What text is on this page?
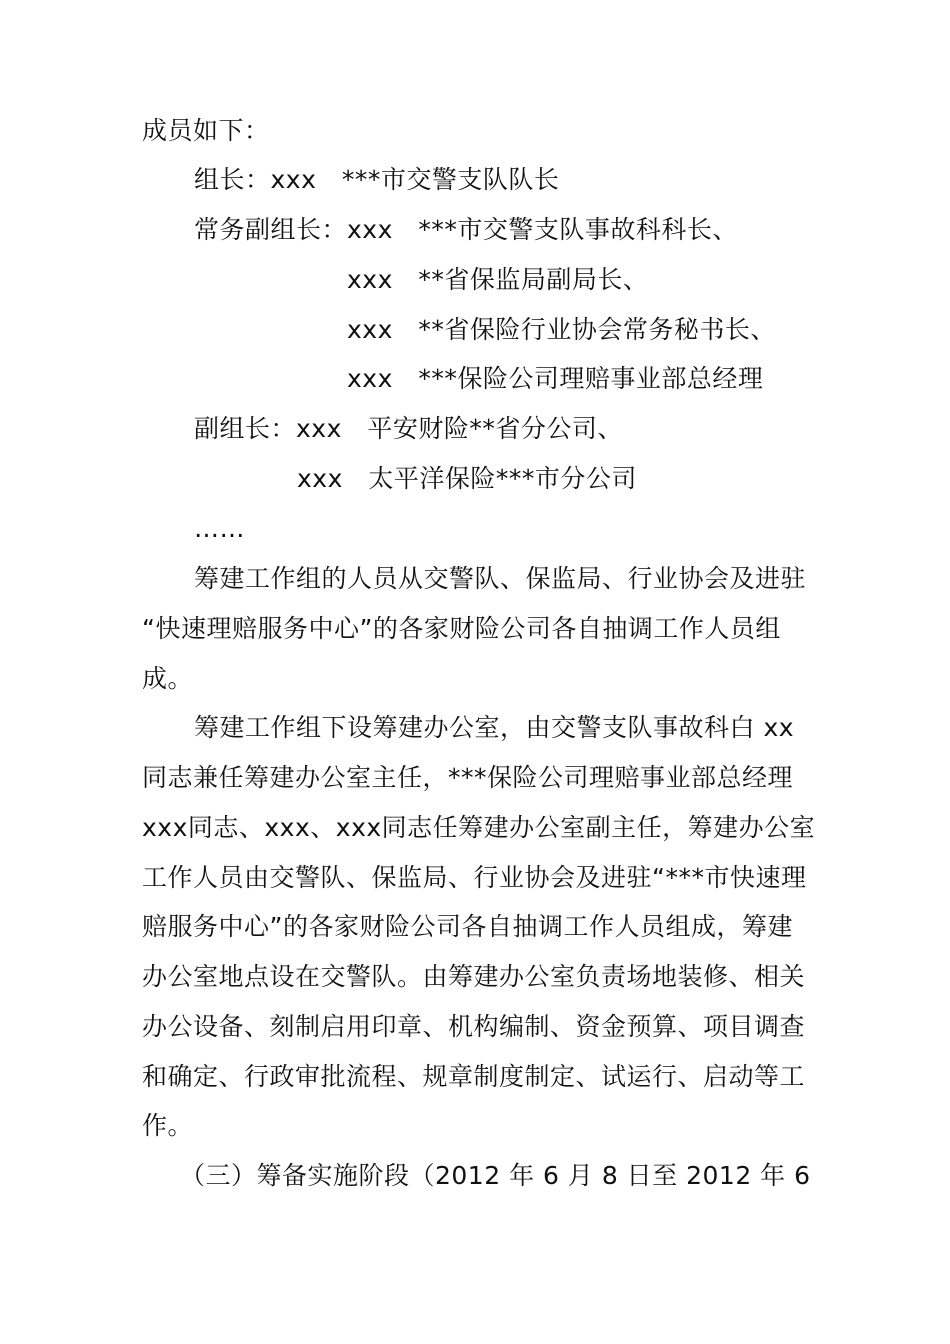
成员如下：
组长：xxx　***市交警支队队长
常务副组长：xxx　***市交警支队事故科科长、
xxx　**省保监局副局长、
xxx　**省保险行业协会常务秘书长、
xxx　***保险公司理赔事业部总经理
副组长：xxx　平安财险**省分公司、
xxx　太平洋保险***市分公司
……
筹建工作组的人员从交警队、保监局、行业协会及进驻
“快速理赔服务中心”的各家财险公司各自抽调工作人员组
成。
筹建工作组下设筹建办公室，由交警支队事故科白 xx
同志兼任筹建办公室主任，***保险公司理赔事业部总经理
xxx同志、xxx、xxx同志任筹建办公室副主任，筹建办公室
工作人员由交警队、保监局、行业协会及进驻“***市快速理
赔服务中心”的各家财险公司各自抽调工作人员组成，筹建
办公室地点设在交警队。由筹建办公室负责场地装修、相关
办公设备、刻制启用印章、机构编制、资金预算、项目调查
和确定、行政审批流程、规章制度制定、试运行、启动等工
作。
（三）筹备实施阶段（2012 年 6 月 8 日至 2012 年 6
